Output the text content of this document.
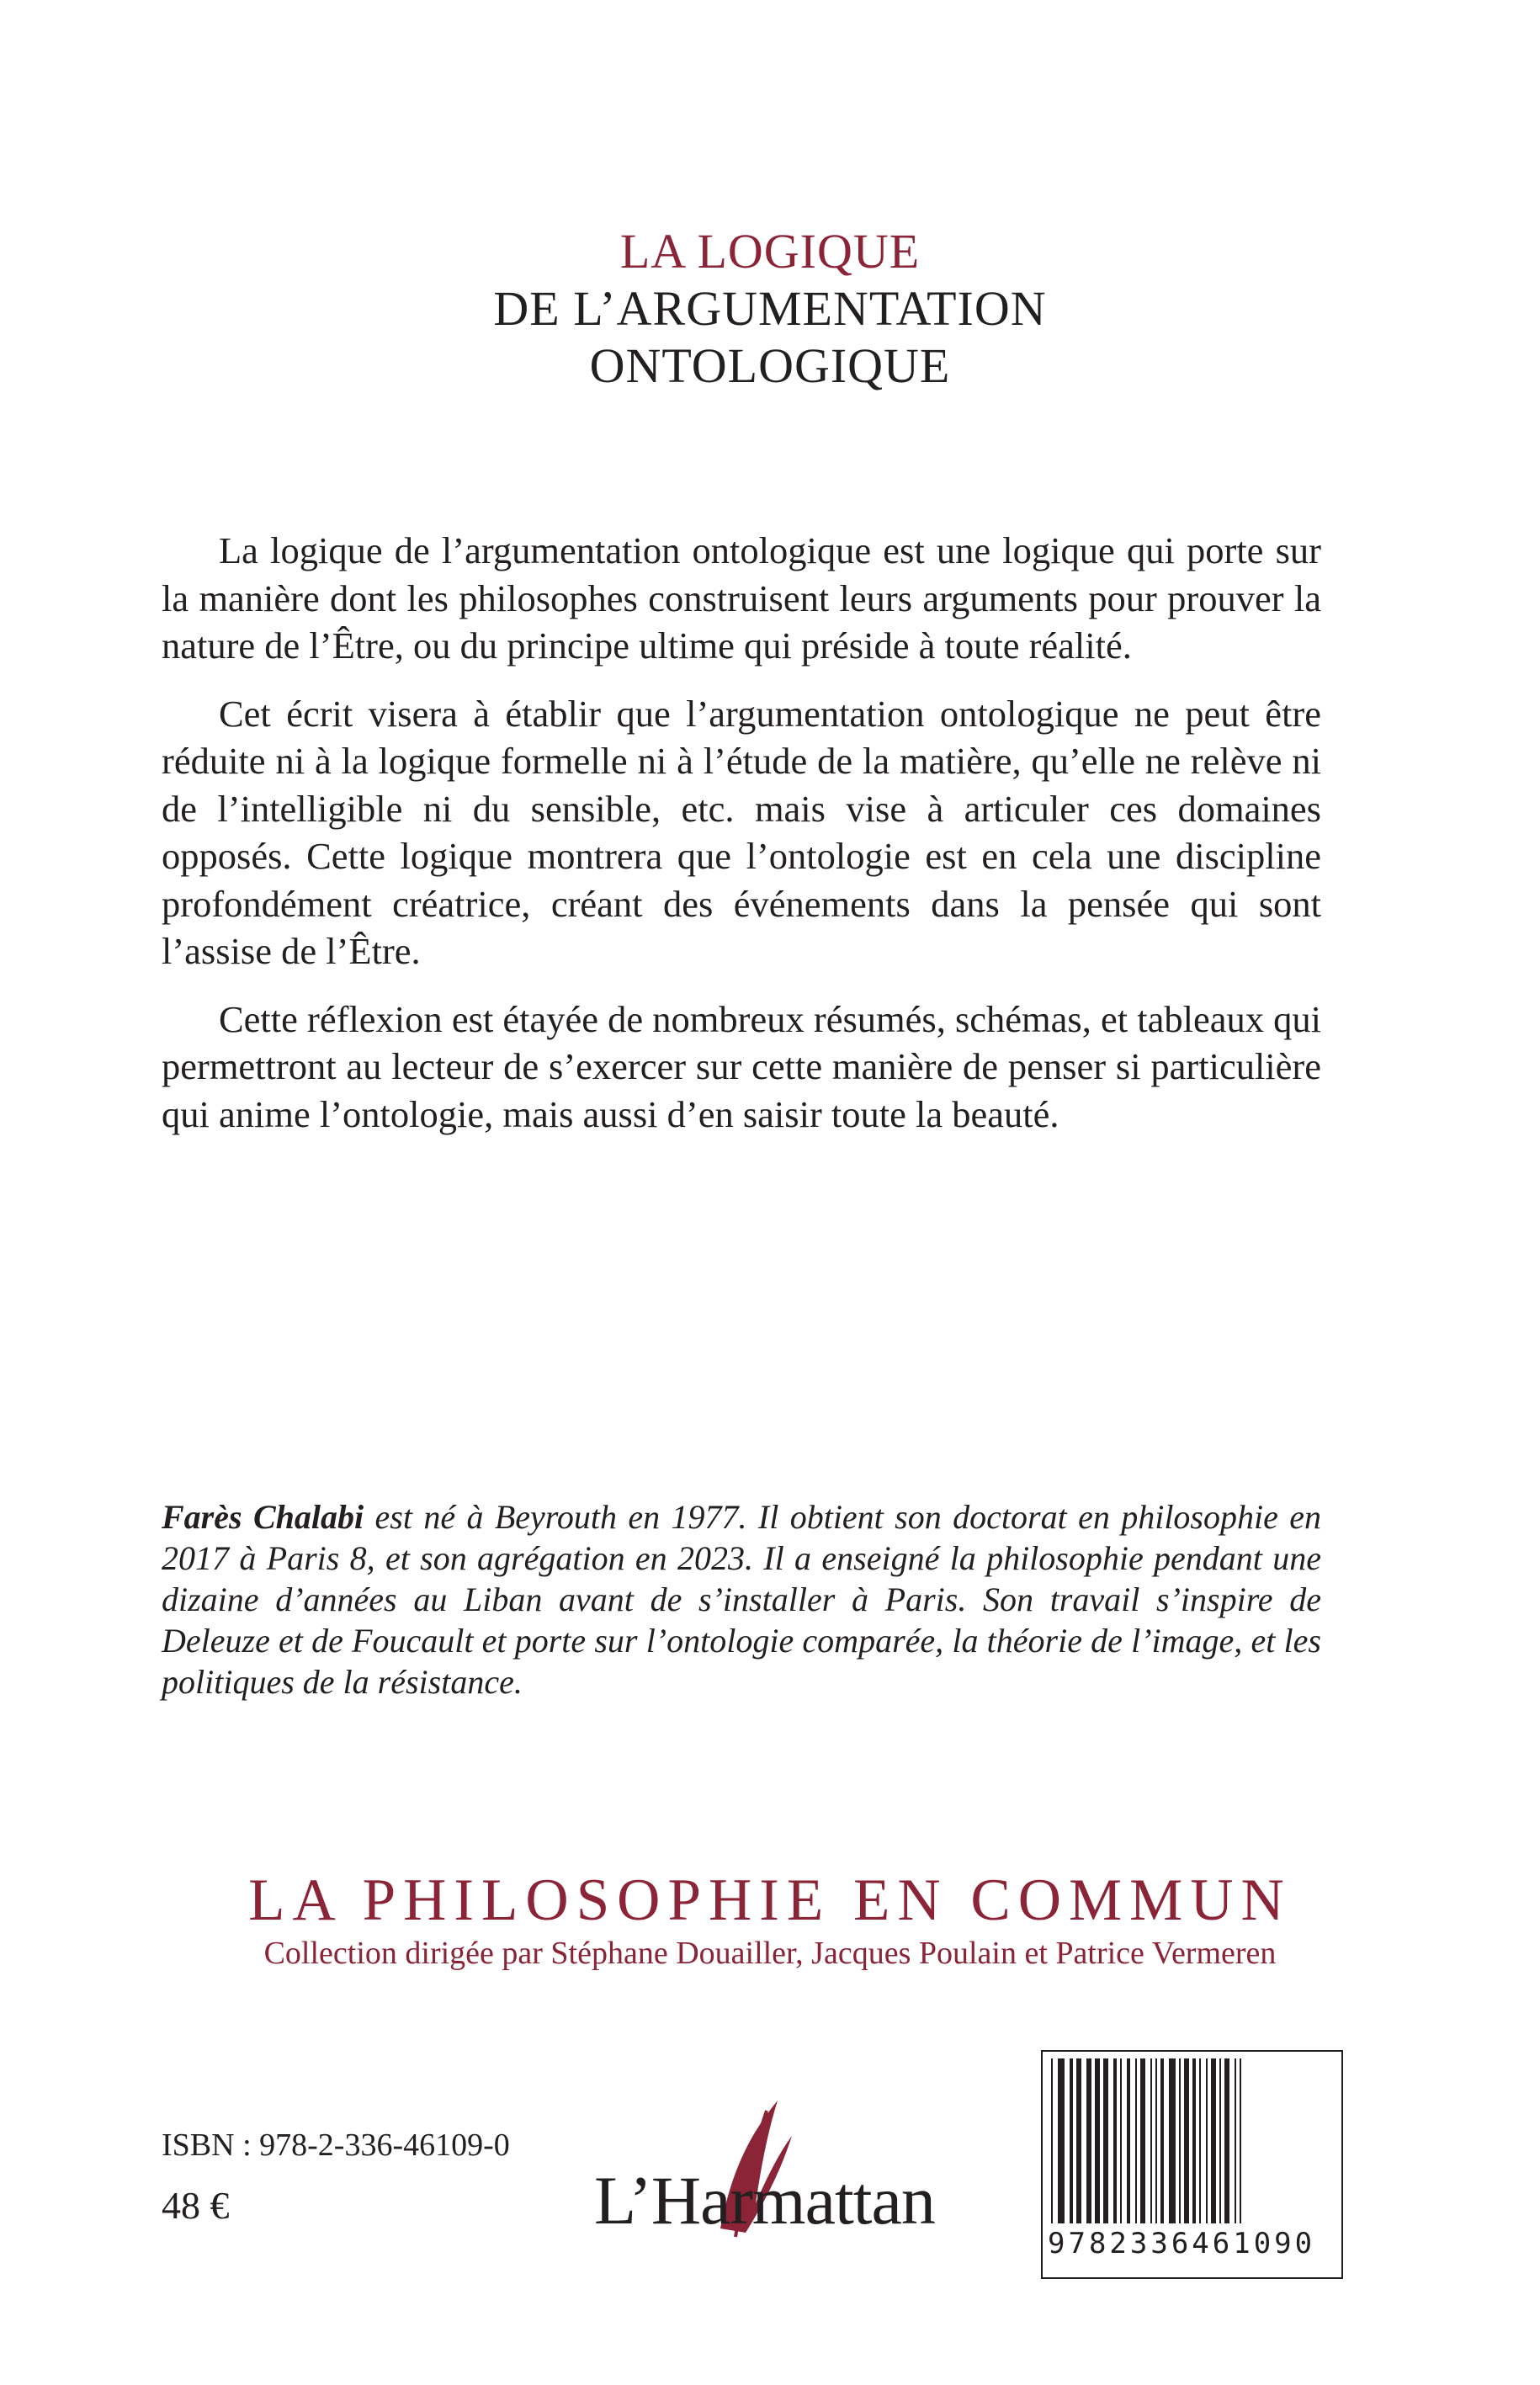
LA LOGIQUE
DE L’ARGUMENTATION
ONTOLOGIQUE

La logique de l’argumentation ontologique est une logique qui porte sur la manière dont les philosophes construisent leurs arguments pour prouver la nature de l’Être, ou du principe ultime qui préside à toute réalité.

Cet écrit visera à établir que l’argumentation ontologique ne peut être réduite ni à la logique formelle ni à l’étude de la matière, qu’elle ne relève ni de l’intelligible ni du sensible, etc. mais vise à articuler ces domaines opposés. Cette logique montrera que l’ontologie est en cela une discipline profondément créatrice, créant des événements dans la pensée qui sont l’assise de l’Être.

Cette réflexion est étayée de nombreux résumés, schémas, et tableaux qui permettront au lecteur de s’exercer sur cette manière de penser si particulière qui anime l’ontologie, mais aussi d’en saisir toute la beauté.

Farès Chalabi est né à Beyrouth en 1977. Il obtient son doctorat en philosophie en 2017 à Paris 8, et son agrégation en 2023. Il a enseigné la philosophie pendant une dizaine d’années au Liban avant de s’installer à Paris. Son travail s’inspire de Deleuze et de Foucault et porte sur l’ontologie comparée, la théorie de l’image, et les politiques de la résistance.
LA PHILOSOPHIE EN COMMUN
Collection dirigée par Stéphane Douailler, Jacques Poulain et Patrice Vermeren
ISBN : 978-2-336-46109-0
48 €	L’Harmattan
9782336461090
